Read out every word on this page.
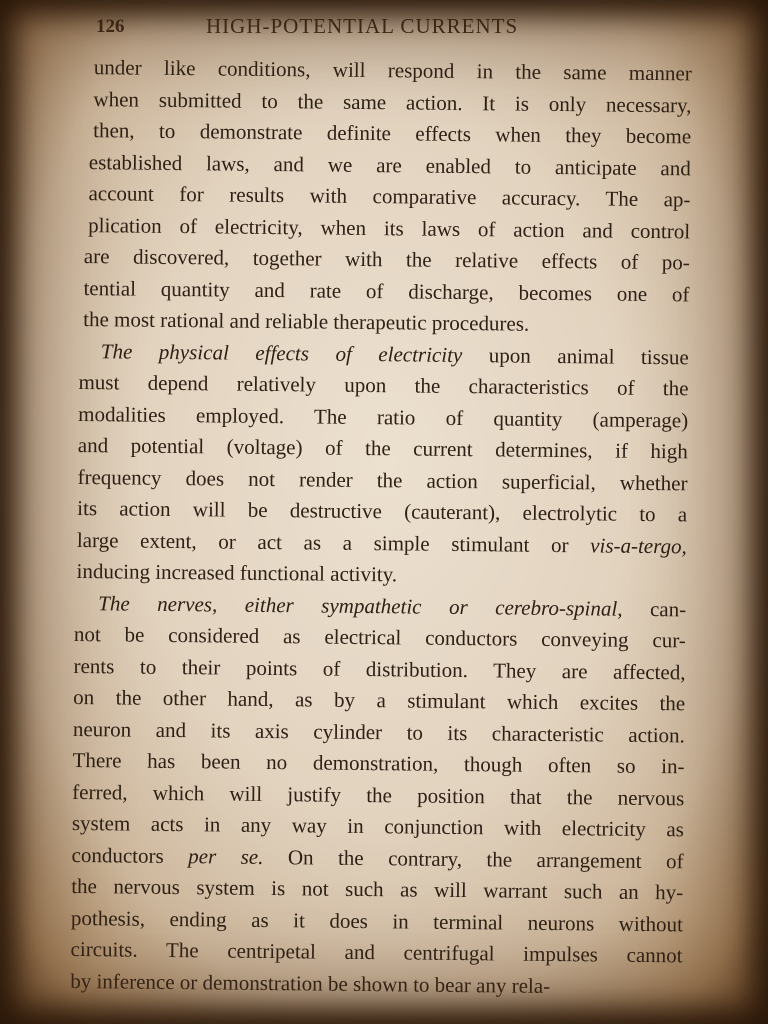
126	HIGH-POTENTIAL CURRENTS
under like conditions, will respond in the same manner
when submitted to the same action. It is only necessary,
then, to demonstrate definite effects when they become
established laws, and we are enabled to anticipate and
account for results with comparative accuracy. The ap-
plication of electricity, when its laws of action and control
are discovered, together with the relative effects of po-
tential quantity and rate of discharge, becomes one of
the most rational and reliable therapeutic procedures.
The physical effects of electricity upon animal tissue
must depend relatively upon the characteristics of the
modalities employed. The ratio of quantity (amperage)
and potential (voltage) of the current determines, if high
frequency does not render the action superficial, whether
its action will be destructive (cauterant), electrolytic to a
large extent, or act as a simple stimulant or vis-a-tergo,
inducing increased functional activity.
The nerves, either sympathetic or cerebro-spinal, can-
not be considered as electrical conductors conveying cur-
rents to their points of distribution. They are affected,
on the other hand, as by a stimulant which excites the
neuron and its axis cylinder to its characteristic action.
There has been no demonstration, though often so in-
ferred, which will justify the position that the nervous
system acts in any way in conjunction with electricity as
conductors per se. On the contrary, the arrangement of
the nervous system is not such as will warrant such an hy-
pothesis, ending as it does in terminal neurons without
circuits. The centripetal and centrifugal impulses cannot
by inference or demonstration be shown to bear any rela-
